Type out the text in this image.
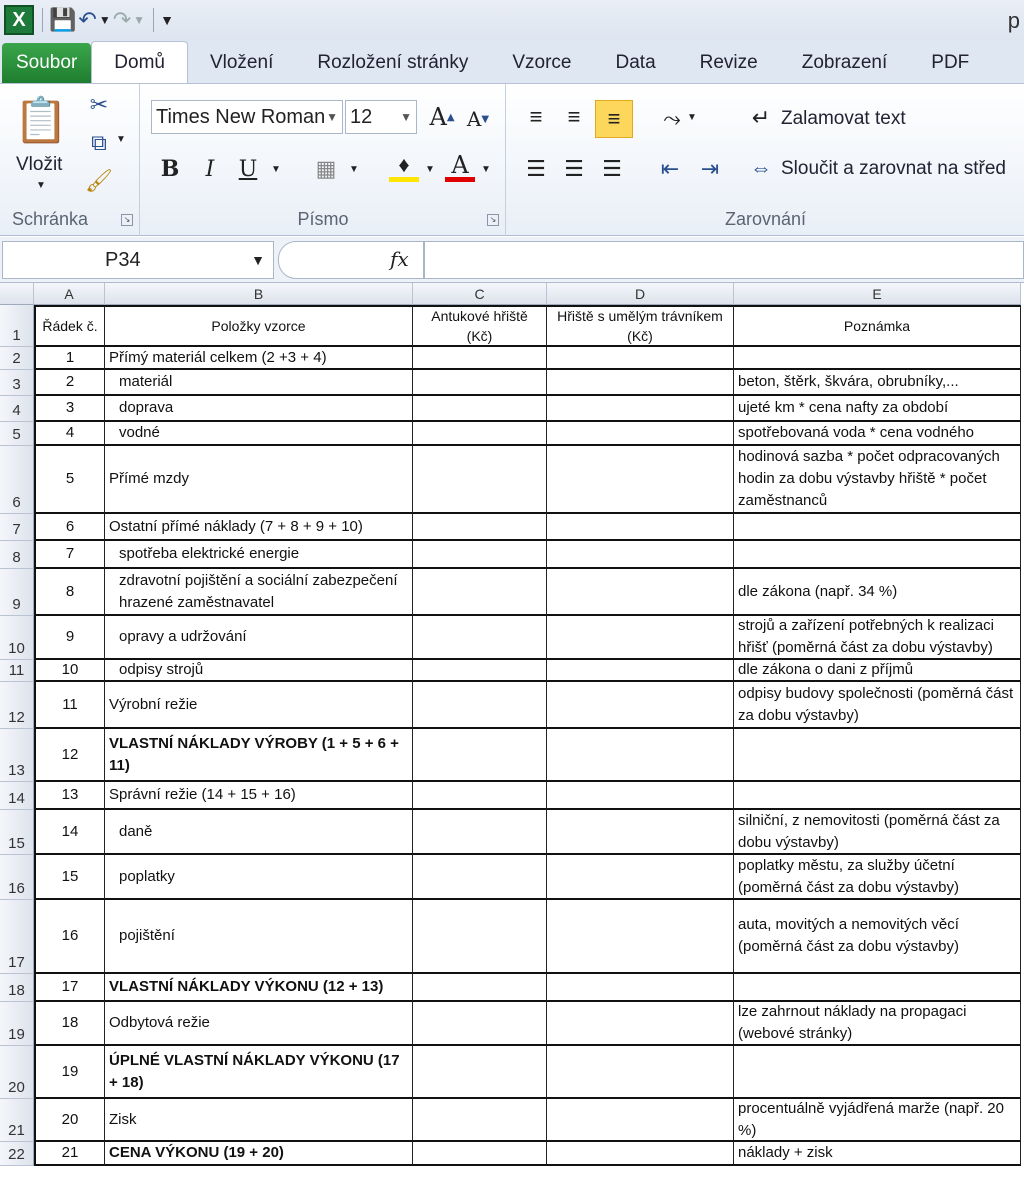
X	💾 ↶ ▼ ↷ ▼ ▼	p
Soubor	Domů	Vložení	Rozložení stránky	Vzorce	Data	Revize	Zobrazení	PDF
📋
Vložit
▼
✂
⧉ ▼
🖌
Schránka	↘
Times New Roman ▼ 12 ▼ A ▲ A ▼
B	I	U	▼ ▦	▼	♦	▼ A	▼
Písmo	↘
≡	≡	≡	⤳ ▼
☰ ☰ ☰	⇤ ⇥
↵ Zalamovat text
⇔ Sloučit a zarovnat na střed
Zarovnání
P34	▼	fx
A	B	C	D	E
1
Řádek č.	Položky vzorce
Antukové hřiště (Kč)
Hřiště s umělým trávníkem (Kč)
Poznámka
2	1	Přímý materiál celkem (2 +3 + 4)
3	2	materiál	beton, štěrk, škvára, obrubníky,...
4	3	doprava	ujeté km * cena nafty za období
5	4	vodné	spotřebovaná voda * cena vodného
6
5	Přímé mzdy
hodinová sazba * počet odpracovaných hodin za dobu výstavby hřiště * počet zaměstnanců
7	6	Ostatní přímé náklady (7 + 8 + 9 + 10)
8	7	spotřeba elektrické energie
9
8
zdravotní pojištění a sociální zabezpečení hrazené zaměstnavatel
dle zákona (např. 34 %)
10
9	opravy a udržování
strojů a zařízení potřebných k realizaci hřišť (poměrná část za dobu výstavby)
11	10	odpisy strojů	dle zákona o dani z příjmů
12
11	Výrobní režie
odpisy budovy společnosti (poměrná část za dobu výstavby)
13
12
VLASTNÍ NÁKLADY VÝROBY (1 + 5 + 6 + 11)
14	13	Správní režie (14 + 15 + 16)
15
14	daně
silniční, z nemovitosti (poměrná část za dobu výstavby)
16
15	poplatky
poplatky městu, za služby účetní (poměrná část za dobu výstavby)
17
16	pojištění
auta, movitých a nemovitých věcí (poměrná část za dobu výstavby)
18	17	VLASTNÍ NÁKLADY VÝKONU (12 + 13)
19
18	Odbytová režie
lze zahrnout náklady na propagaci (webové stránky)
20
19
ÚPLNÉ VLASTNÍ NÁKLADY VÝKONU (17 + 18)
21
20	Zisk
procentuálně vyjádřená marže (např. 20 %)
22	21	CENA VÝKONU (19 + 20)	náklady + zisk
